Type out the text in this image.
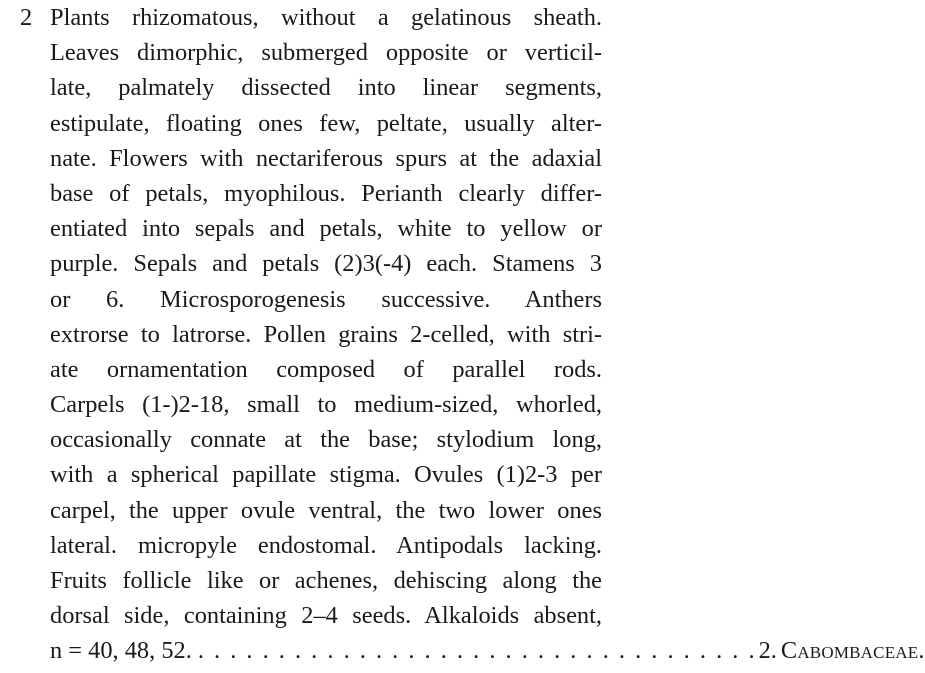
2 Plants rhizomatous, without a gelatinous sheath.
Leaves dimorphic, submerged opposite or verticil-
late, palmately dissected into linear segments,
estipulate, floating ones few, peltate, usually alter-
nate. Flowers with nectariferous spurs at the adaxial
base of petals, myophilous. Perianth clearly differ-
entiated into sepals and petals, white to yellow or
purple. Sepals and petals (2)3(-4) each. Stamens 3
or 6. Microsporogenesis successive. Anthers
extrorse to latrorse. Pollen grains 2-celled, with stri-
ate ornamentation composed of parallel rods.
Carpels (1-)2-18, small to medium-sized, whorled,
occasionally connate at the base; stylodium long,
with a spherical papillate stigma. Ovules (1)2-3 per
carpel, the upper ovule ventral, the two lower ones
lateral. micropyle endostomal. Antipodals lacking.
Fruits follicle like or achenes, dehiscing along the
dorsal side, containing 2–4 seeds. Alkaloids absent,
n = 40, 48, 52. . . . . . . . . . . . . . . . . . . . . . . . . . . . . . . . . . . . 2. Cabombaceae.
